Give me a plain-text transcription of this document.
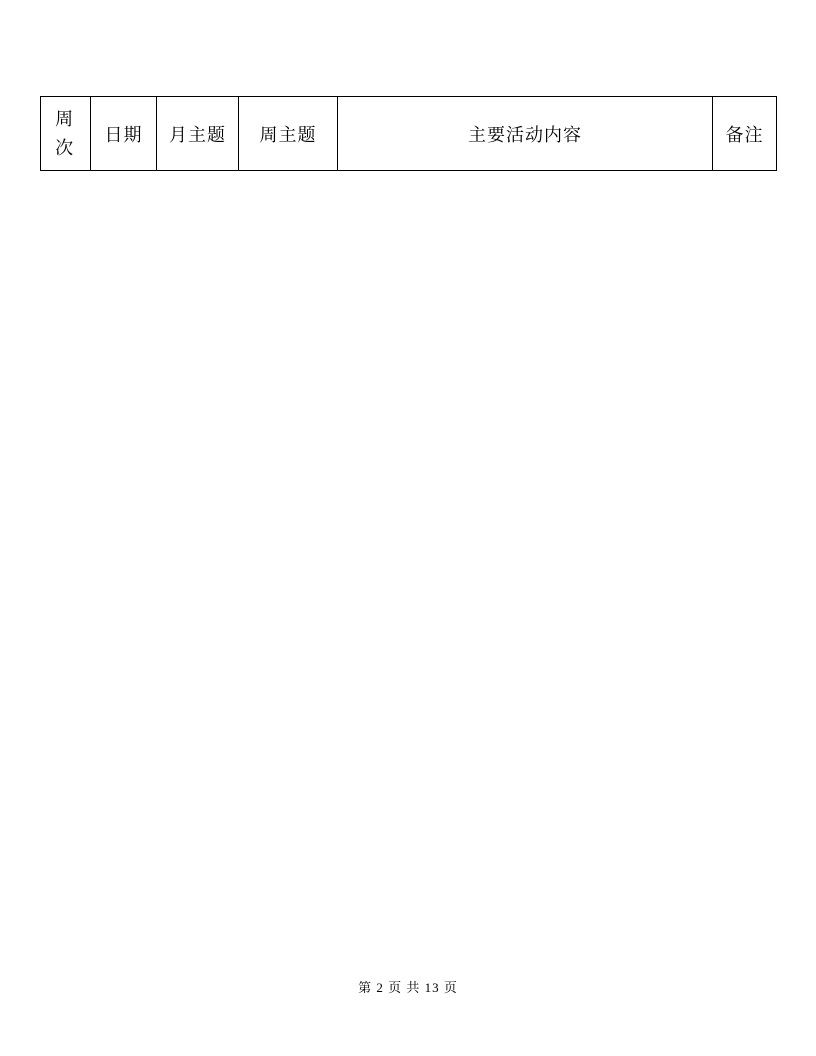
周次	日期	月主题	周主题	主要活动内容	备注
第 2 页 共 13 页
